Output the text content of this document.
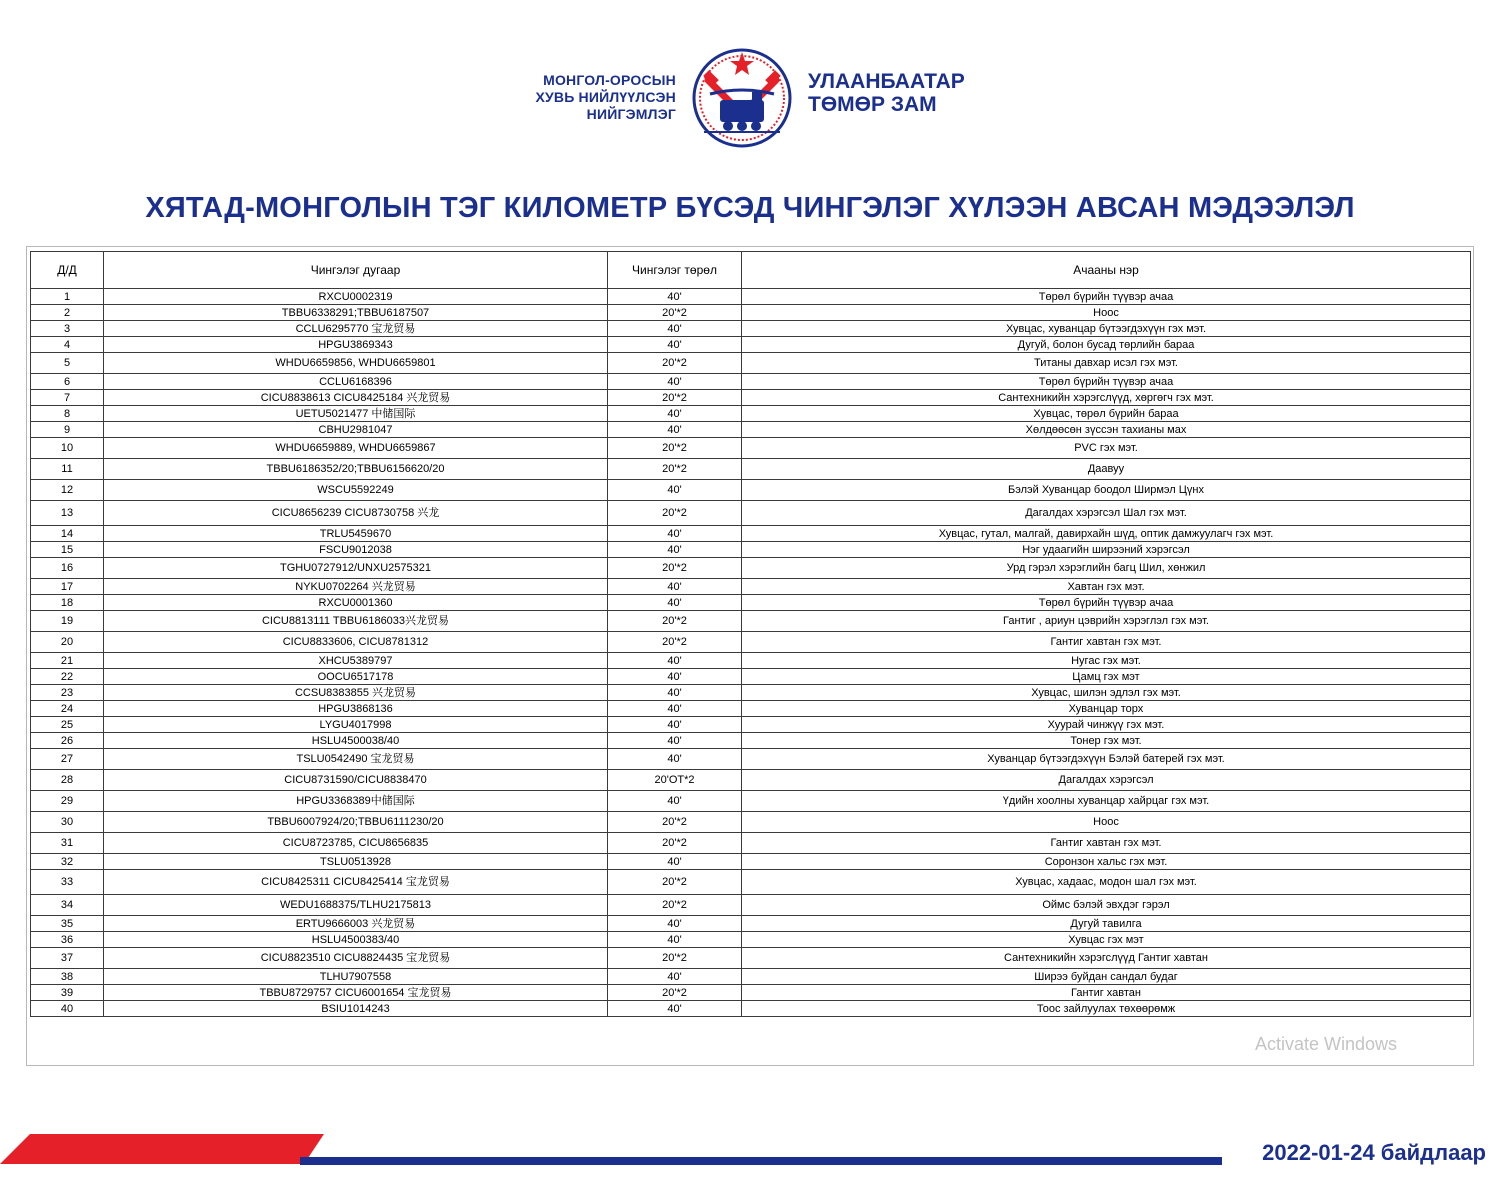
МОНГОЛ-ОРОСЫН
ХУВЬ НИЙЛҮҮЛСЭН
НИЙГЭМЛЭГ
УЛААНБААТАР
ТӨМӨР ЗАМ
ХЯТАД-МОНГОЛЫН ТЭГ КИЛОМЕТР БҮСЭД ЧИНГЭЛЭГ ХҮЛЭЭН АВСАН МЭДЭЭЛЭЛ
Д/Д	Чингэлэг дугаар	Чингэлэг төрөл	Ачааны нэр
1	RXCU0002319	40'	Төрөл бүрийн түүвэр ачаа
2	TBBU6338291;TBBU6187507	20'*2	Ноос
3	CCLU6295770 宝龙贸易	40'	Хувцас, хуванцар бүтээгдэхүүн гэх мэт.
4	HPGU3869343	40'	Дугуй, болон бусад төрлийн бараа
5	WHDU6659856, WHDU6659801	20'*2	Титаны давхар исэл гэх мэт.
6	CCLU6168396	40'	Төрөл бүрийн түүвэр ачаа
7	CICU8838613 CICU8425184 兴龙贸易	20'*2	Сантехникийн хэрэгслүүд, хөргөгч гэх мэт.
8	UETU5021477 中储国际	40'	Хувцас, төрөл бүрийн бараа
9	CBHU2981047	40'	Хөлдөөсөн зүссэн тахианы мах
10	WHDU6659889, WHDU6659867	20'*2	PVC гэх мэт.
11	TBBU6186352/20;TBBU6156620/20	20'*2	Даавуу
12	WSCU5592249	40'	Бэлэй Хуванцар боодол Ширмэл Цүнх
13	CICU8656239 CICU8730758 兴龙	20'*2	Дагалдах хэрэгсэл Шал гэх мэт.
14	TRLU5459670	40'	Хувцас, гутал, малгай, давирхайн шүд, оптик дамжуулагч гэх мэт.
15	FSCU9012038	40'	Нэг удаагийн ширээний хэрэгсэл
16	TGHU0727912/UNXU2575321	20'*2	Урд гэрэл хэрэглийн багц Шил, хөнжил
17	NYKU0702264 兴龙贸易	40'	Хавтан гэх мэт.
18	RXCU0001360	40'	Төрөл бүрийн түүвэр ачаа
19	CICU8813111 TBBU6186033兴龙贸易	20'*2	Гантиг , ариун цэврийн хэрэглэл гэх мэт.
20	CICU8833606, CICU8781312	20'*2	Гантиг хавтан гэх мэт.
21	XHCU5389797	40'	Нугас гэх мэт.
22	OOCU6517178	40'	Цамц гэх мэт
23	CCSU8383855 兴龙贸易	40'	Хувцас, шилэн эдлэл гэх мэт.
24	HPGU3868136	40'	Хуванцар торх
25	LYGU4017998	40'	Хуурай чинжүү гэх мэт.
26	HSLU4500038/40	40'	Тонер гэх мэт.
27	TSLU0542490 宝龙贸易	40'	Хуванцар бүтээгдэхүүн Бэлэй батерей гэх мэт.
28	CICU8731590/CICU8838470	20'OT*2	Дагалдах хэрэгсэл
29	HPGU3368389中储国际	40'	Үдийн хоолны хуванцар хайрцаг гэх мэт.
30	TBBU6007924/20;TBBU6111230/20	20'*2	Ноос
31	CICU8723785, CICU8656835	20'*2	Гантиг хавтан гэх мэт.
32	TSLU0513928	40'	Соронзон хальс гэх мэт.
33	CICU8425311 CICU8425414 宝龙贸易	20'*2	Хувцас, хадаас, модон шал гэх мэт.
34	WEDU1688375/TLHU2175813	20'*2	Оймс бэлэй эвхдэг гэрэл
35	ERTU9666003 兴龙贸易	40'	Дугуй тавилга
36	HSLU4500383/40	40'	Хувцас гэх мэт
37	CICU8823510 CICU8824435 宝龙贸易	20'*2	Сантехникийн хэрэгслүүд Гантиг хавтан
38	TLHU7907558	40'	Ширээ буйдан сандал будаг
39	TBBU8729757 CICU6001654 宝龙贸易	20'*2	Гантиг хавтан
40	BSIU1014243	40'	Тоос зайлуулах төхөөрөмж
Activate Windows
2022-01-24 байдлаар
